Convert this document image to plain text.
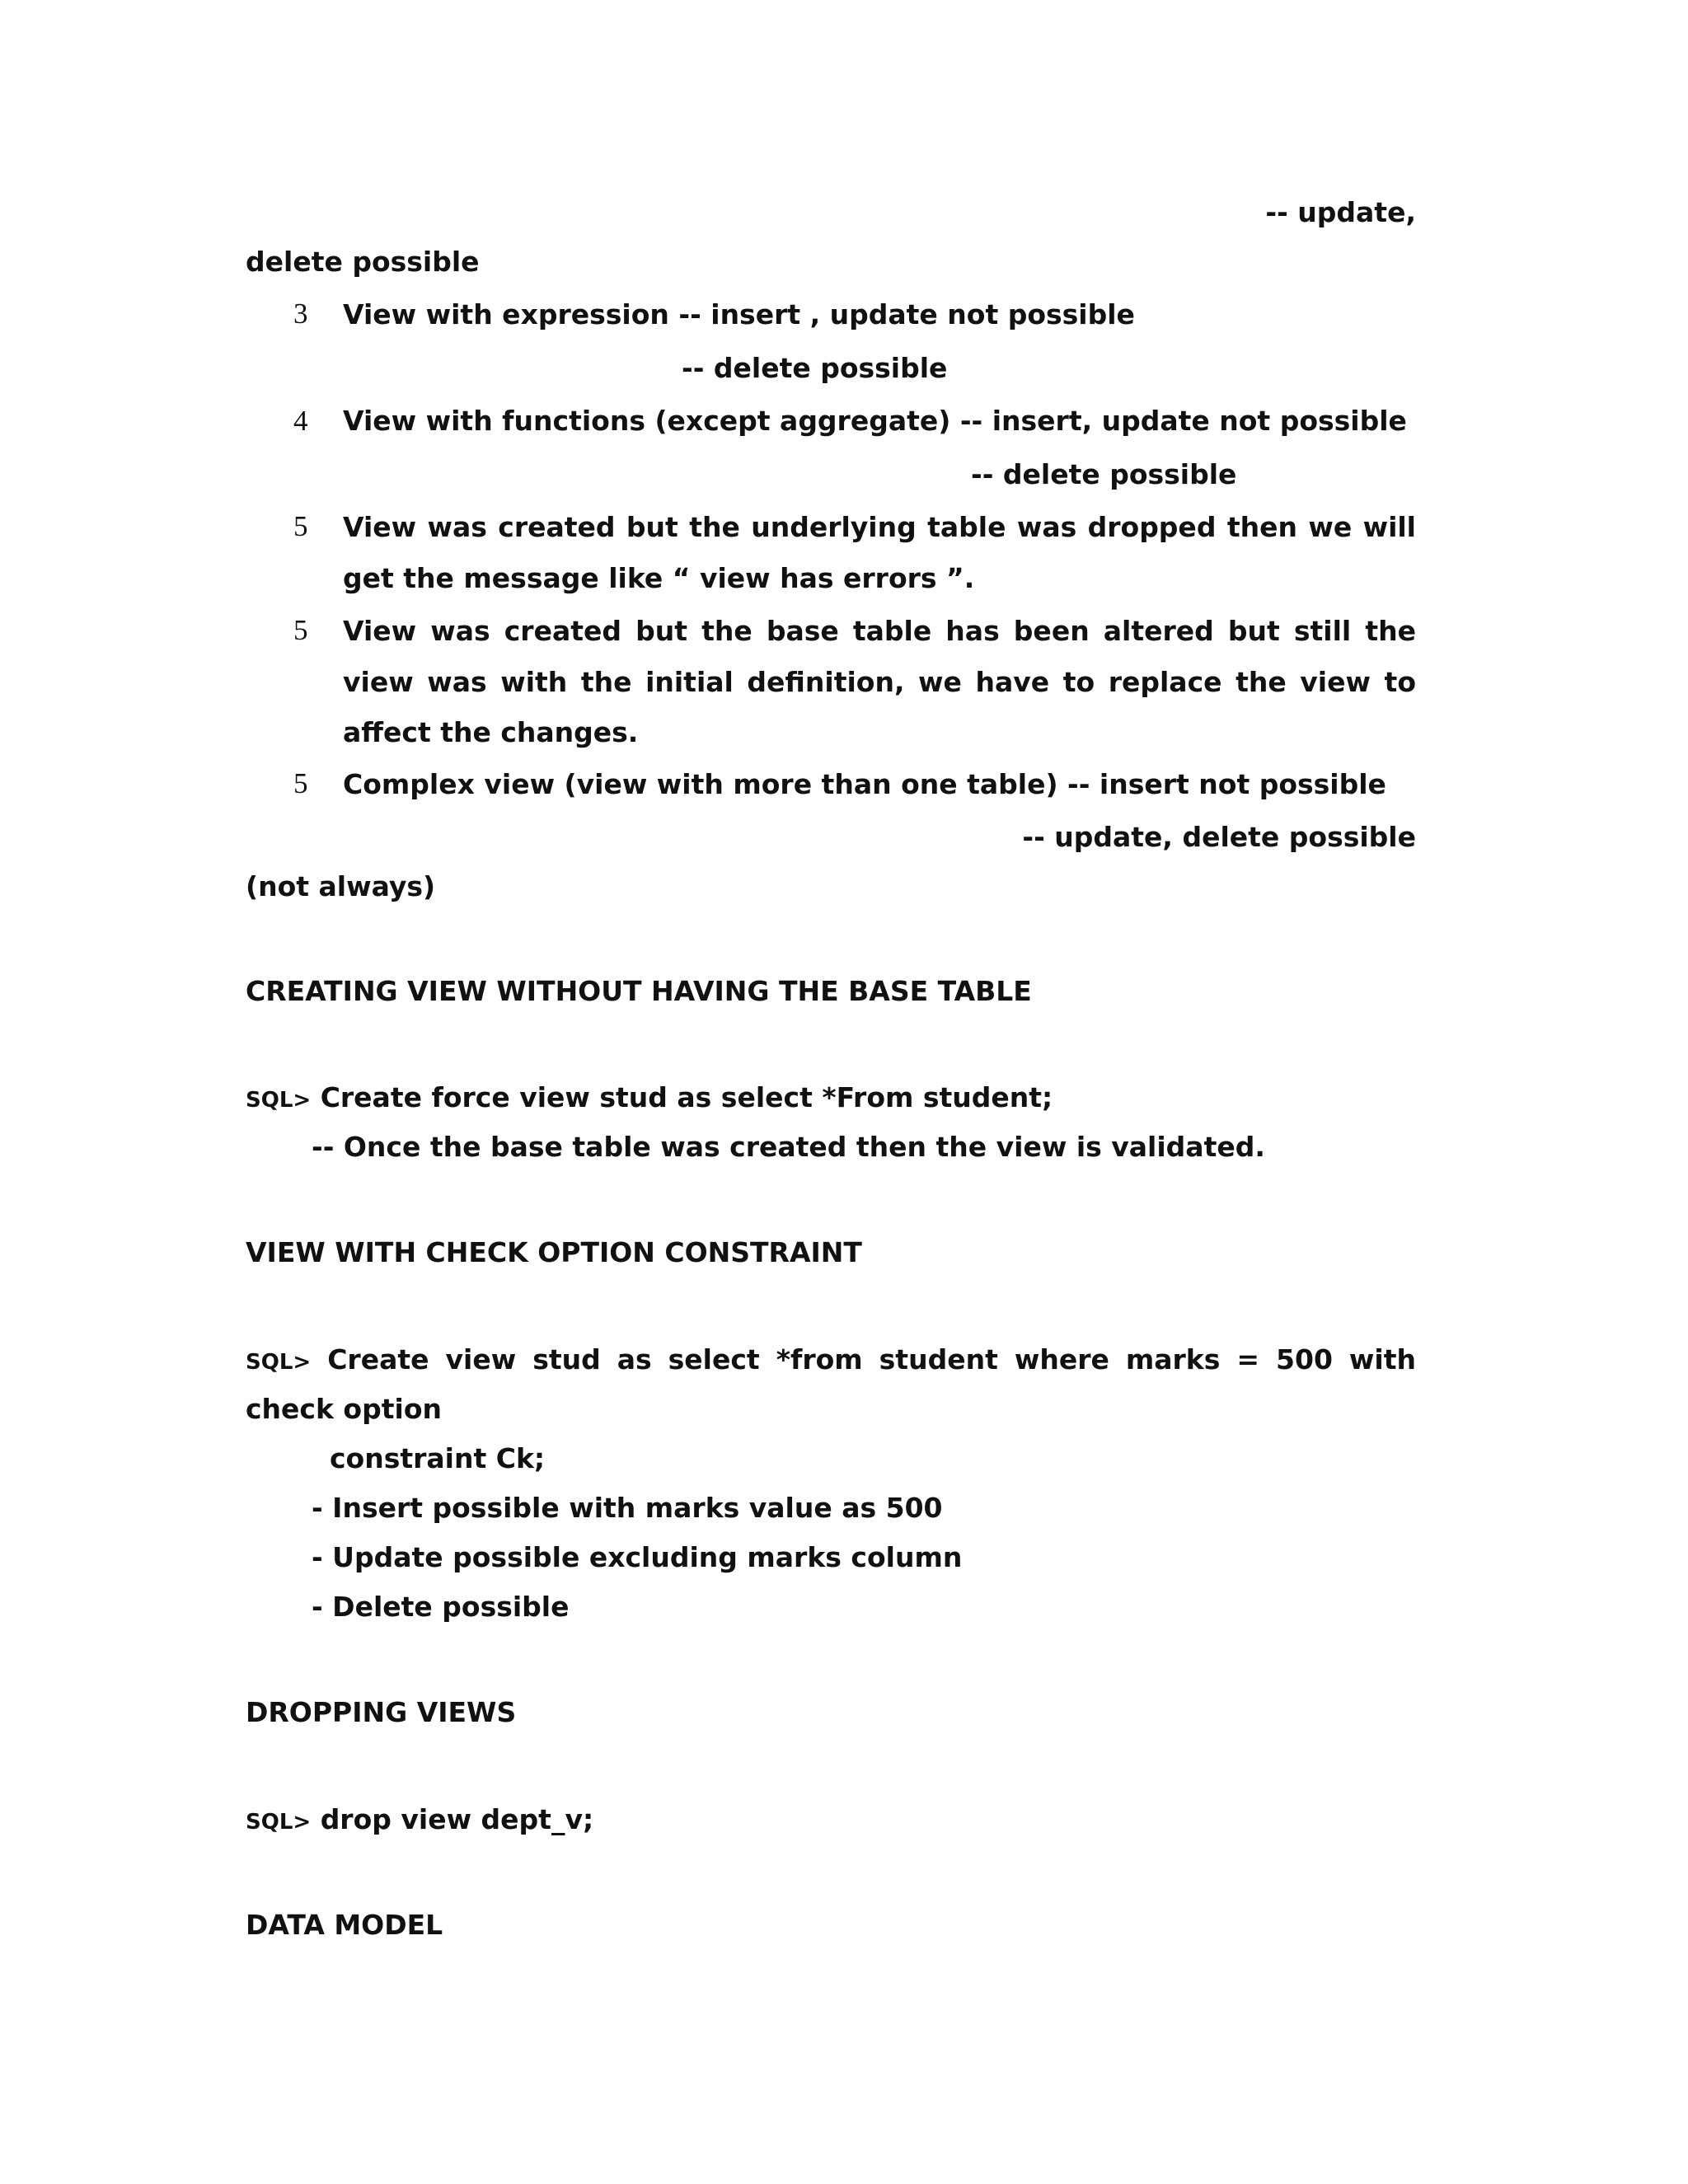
-- update,
delete possible
3 View with expression -- insert , update not possible
-- delete possible
4 View with functions (except aggregate) -- insert, update not possible
-- delete possible
5 View was created but the underlying table was dropped then we will
get the message like “ view has errors ”.
5 View was created but the base table has been altered but still the
view was with the initial definition, we have to replace the view to
affect the changes.
5 Complex view (view with more than one table) -- insert not possible
-- update, delete possible
(not always)
CREATING VIEW WITHOUT HAVING THE BASE TABLE
SQL> Create force view stud as select *From student;
-- Once the base table was created then the view is validated.
VIEW WITH CHECK OPTION CONSTRAINT
SQL> Create view stud as select *from student where marks = 500 with
check option
constraint Ck;
- Insert possible with marks value as 500
- Update possible excluding marks column
- Delete possible
DROPPING VIEWS
SQL> drop view dept_v;
DATA MODEL
